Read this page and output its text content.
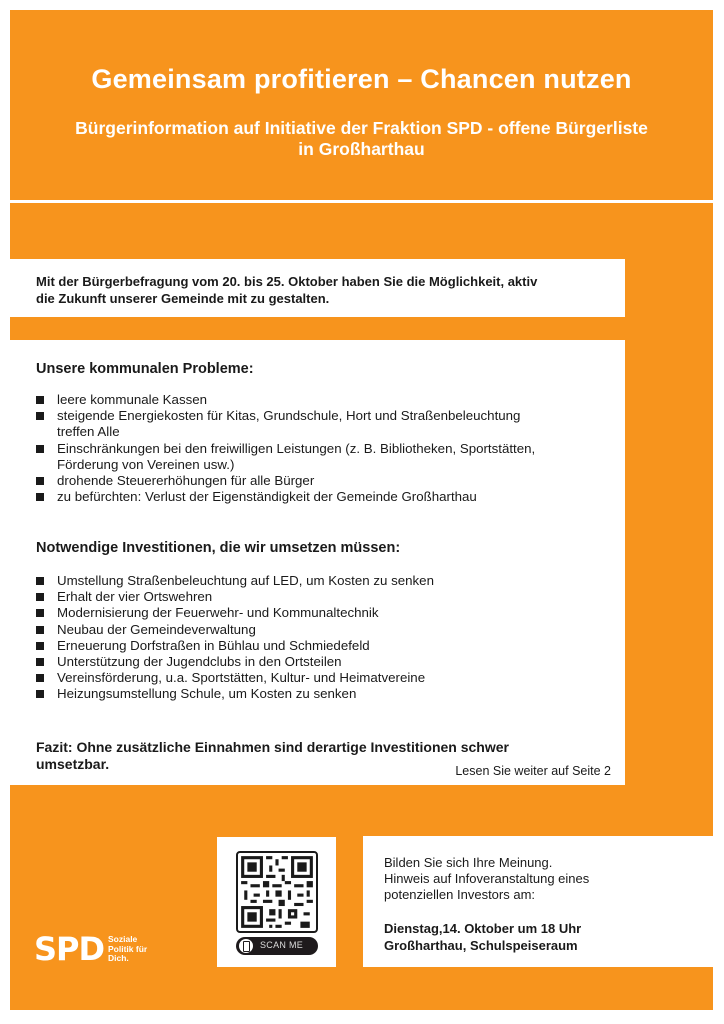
Gemeinsam profitieren – Chancen nutzen
Bürgerinformation auf Initiative der Fraktion SPD - offene Bürgerliste
in Großharthau
Mit der Bürgerbefragung vom 20. bis 25. Oktober haben Sie die Möglichkeit, aktiv
die Zukunft unserer Gemeinde mit zu gestalten.
Unsere kommunalen Probleme:
leere kommunale Kassen
steigende Energiekosten für Kitas, Grundschule, Hort und Straßenbeleuchtung treffen Alle
Einschränkungen bei den freiwilligen Leistungen (z. B. Bibliotheken, Sportstätten, Förderung von Vereinen usw.)
drohende Steuererhöhungen für alle Bürger
zu befürchten: Verlust der Eigenständigkeit der Gemeinde Großharthau
Notwendige Investitionen, die wir umsetzen müssen:
Umstellung Straßenbeleuchtung auf LED, um Kosten zu senken
Erhalt der vier Ortswehren
Modernisierung der Feuerwehr- und Kommunaltechnik
Neubau der Gemeindeverwaltung
Erneuerung Dorfstraßen in Bühlau und Schmiedefeld
Unterstützung der Jugendclubs in den Ortsteilen
Vereinsförderung, u.a. Sportstätten, Kultur- und Heimatvereine
Heizungsumstellung Schule, um Kosten zu senken
Fazit: Ohne zusätzliche Einnahmen sind derartige Investitionen schwer
umsetzbar.	Lesen Sie weiter auf Seite 2
SCAN ME
Bilden Sie sich Ihre Meinung.
Hinweis auf Infoveranstaltung eines
potenziellen Investors am:
Dienstag,14. Oktober um 18 Uhr
Großharthau, Schulspeiseraum
SPD Soziale
Politik für
Dich.
